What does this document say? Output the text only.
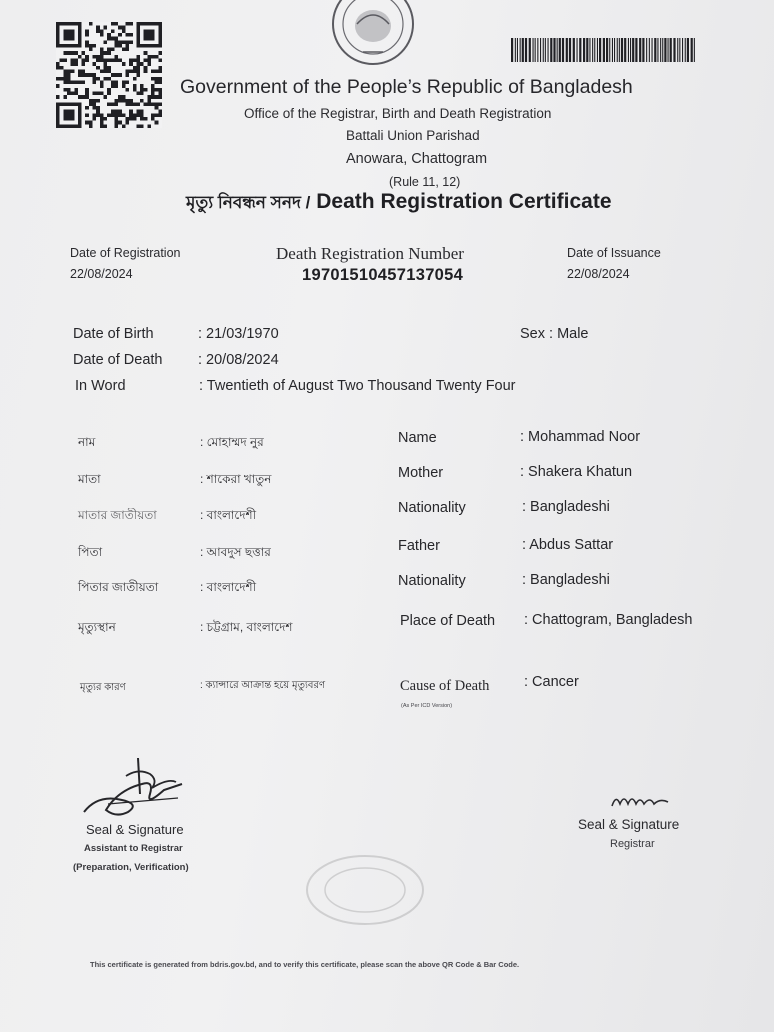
Government of the People’s Republic of Bangladesh
Office of the Registrar, Birth and Death Registration
Battali Union Parishad
Anowara, Chattogram
(Rule 11, 12)
মৃত্যু নিবন্ধন সনদ / Death Registration Certificate
Date of Registration
22/08/2024
Death Registration Number
19701510457137054
Date of Issuance
22/08/2024
Date of Birth	: 21/03/1970
Date of Death : 20/08/2024
In Word	: Twentieth of August Two Thousand Twenty Four
Sex : Male
নাম	: মোহাম্মদ নুর
মাতা	: শাকেরা খাতুন
মাতার জাতীয়তা	: বাংলাদেশী
পিতা	: আবদুস ছত্তার
পিতার জাতীয়তা	: বাংলাদেশী
মৃত্যুস্থান	: চট্টগ্রাম, বাংলাদেশ
মৃত্যুর কারণ	: ক্যান্সারে আক্রান্ত হয়ে মৃত্যুবরণ
Name	: Mohammad Noor
Mother	: Shakera Khatun
Nationality	: Bangladeshi
Father	: Abdus Sattar
Nationality	: Bangladeshi
Place of Death : Chattogram, Bangladesh
Cause of Death : Cancer
(As Per ICD Version)
Seal & Signature
Assistant to Registrar
(Preparation, Verification)
Seal & Signature
Registrar
This certificate is generated from bdris.gov.bd, and to verify this certificate, please scan the above QR Code & Bar Code.
